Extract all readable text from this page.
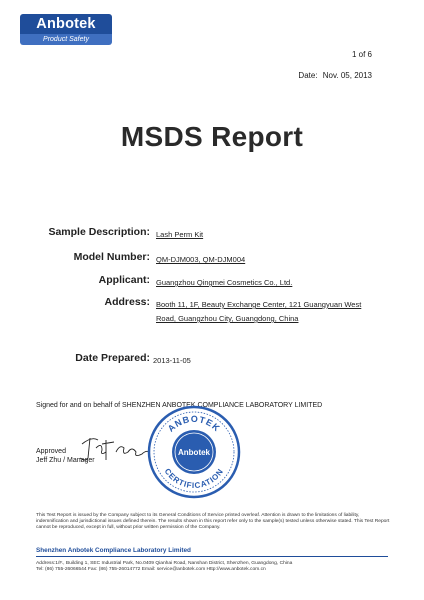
Anbotek
Product Safety
1 of 6
Date: Nov. 05, 2013
MSDS Report
Sample Description: Lash Perm Kit
Model Number: QM-DJM003, QM-DJM004
Applicant: Guangzhou Qingmei Cosmetics Co., Ltd.
Address: Booth 11, 1F, Beauty Exchange Center, 121 Guangyuan West
Road, Guangzhou City, Guangdong, China
Date Prepared: 2013-11-05
Signed for and on behalf of SHENZHEN ANBOTEK COMPLIANCE LABORATORY LIMITED
Approved
Jeff Zhu / Manager
ANBOTEK
Anbotek
CERTIFICATION
This Test Report is issued by the Company subject to its General Conditions of Service printed overleaf. Attention is drawn to the limitations of liability, indemnification and jurisdictional issues defined therein. The results shown in this report refer only to the sample(s) tested unless otherwise stated. This Test Report cannot be reproduced, except in full, without prior written permission of the Company.
Shenzhen Anbotek Compliance Laboratory Limited
Address:1/F., Building 1, SEC Industrial Park, No.0409 Qianhai Road, Nanshan District, Shenzhen, Guangdong, China
Tel: (86) 755-26066544 Fax: (86) 755-26014772 Email: service@anbotek.com Http://www.anbotek.com.cn
